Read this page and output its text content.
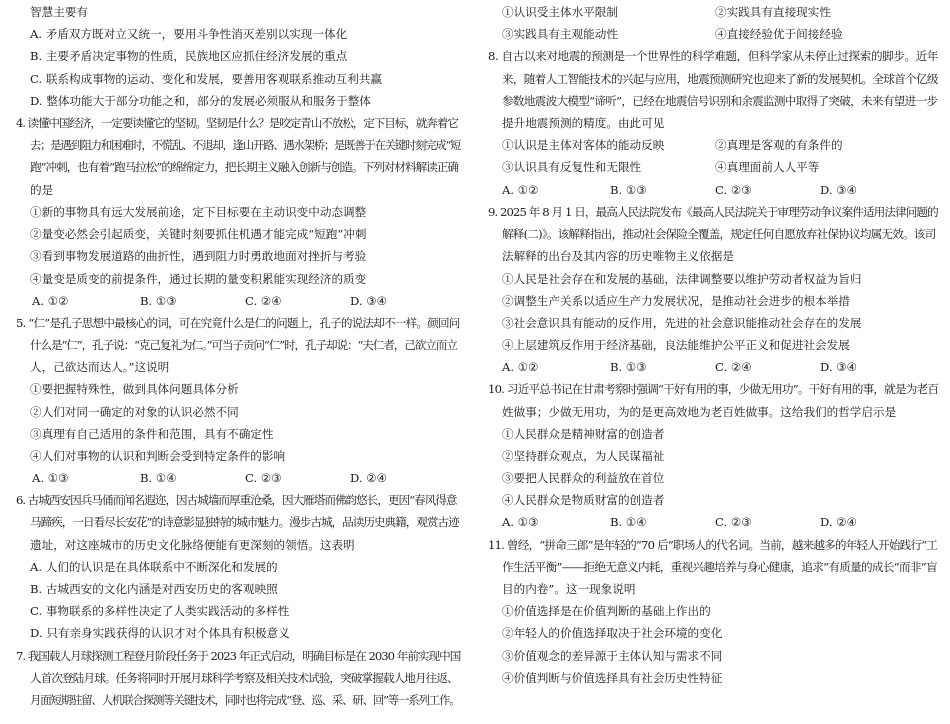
智慧主要有
A. 矛盾双方既对立又统一，要用斗争性消灭差别以实现一体化
B. 主要矛盾决定事物的性质，民族地区应抓住经济发展的重点
C. 联系构成事物的运动、变化和发展，要善用客观联系推动互利共赢
D. 整体功能大于部分功能之和，部分的发展必须服从和服务于整体
4. 读懂中国经济，一定要读懂它的坚韧。坚韧是什么？是咬定青山不放松，定下目标，就奔着它
去；是遇到阻力和困难时，不慌乱、不退却，逢山开路、遇水架桥；是既善于在关键时刻完成“短
跑”冲刺，也有着“跑马拉松”的绵绵定力，把长期主义融入创新与创造。下列对材料解读正确
的是
①新的事物具有远大发展前途，定下目标要在主动识变中动态调整
②量变必然会引起质变，关键时刻要抓住机遇才能完成“短跑”冲刺
③看到事物发展道路的曲折性，遇到阻力时勇敢地面对挫折与考验
④量变是质变的前提条件，通过长期的量变积累能实现经济的质变
A. ①②	B. ①③	C. ②④	D. ③④
5. “仁”是孔子思想中最核心的词，可在究竟什么是仁的问题上，孔子的说法却不一样。颜回问
什么是“仁”，孔子说：“克己复礼为仁。”可当子贡问“仁”时，孔子却说：“夫仁者，己欲立而立
人，己欲达而达人。”这说明
①要把握特殊性，做到具体问题具体分析
②人们对同一确定的对象的认识必然不同
③真理有自己适用的条件和范围，具有不确定性
④人们对事物的认识和判断会受到特定条件的影响
A. ①③	B. ①④	C. ②③	D. ②④
6. 古城西安因兵马俑而闻名遐迩，因古城墙而厚重沧桑，因大雁塔而佛韵悠长，更因“春风得意
马蹄疾，一日看尽长安花”的诗意影显独特的城市魅力。漫步古城，品读历史典籍，观赏古迹
遗址，对这座城市的历史文化脉络便能有更深刻的领悟。这表明
A. 人们的认识是在具体联系中不断深化和发展的
B. 古城西安的文化内涵是对西安历史的客观映照
C. 事物联系的多样性决定了人类实践活动的多样性
D. 只有亲身实践获得的认识才对个体具有积极意义
7. 我国载人月球探测工程登月阶段任务于 2023 年正式启动，明确目标是在 2030 年前实现中国
人首次登陆月球。任务将同时开展月球科学考察及相关技术试验，突破掌握载人地月往返、
月面短期驻留、人机联合探测等关键技术，同时也将完成“登、巡、采、研、回”等一系列工作。
①认识受主体水平限制	②实践具有直接现实性
③实践具有主观能动性	④直接经验优于间接经验
8. 自古以来对地震的预测是一个世界性的科学难题，但科学家从未停止过探索的脚步。近年
来，随着人工智能技术的兴起与应用，地震预测研究也迎来了新的发展契机。全球首个亿级
参数地震波大模型“谛听”，已经在地震信号识别和余震监测中取得了突破，未来有望进一步
提升地震预测的精度。由此可见
①认识是主体对客体的能动反映	②真理是客观的有条件的
③认识具有反复性和无限性	④真理面前人人平等
A. ①②	B. ①③	C. ②③	D. ③④
9. 2025 年 8 月 1 日，最高人民法院发布《最高人民法院关于审理劳动争议案件适用法律问题的
解释(二)》。该解释指出，推动社会保险全覆盖，规定任何自愿放弃社保协议均属无效。该司
法解释的出台及其内容的历史唯物主义依据是
①人民是社会存在和发展的基础，法律调整要以维护劳动者权益为旨归
②调整生产关系以适应生产力发展状况，是推动社会进步的根本举措
③社会意识具有能动的反作用，先进的社会意识能推动社会存在的发展
④上层建筑反作用于经济基础，良法能维护公平正义和促进社会发展
A. ①②	B. ①③	C. ②④	D. ③④
10. 习近平总书记在甘肃考察时强调“干好有用的事，少做无用功”。干好有用的事，就是为老百
姓做事；少做无用功，为的是更高效地为老百姓做事。这给我们的哲学启示是
①人民群众是精神财富的创造者
②坚持群众观点，为人民谋福祉
③要把人民群众的利益放在首位
④人民群众是物质财富的创造者
A. ①③	B. ①④	C. ②③	D. ②④
11. 曾经，“拼命三郎”是年轻的“70 后”职场人的代名词。当前，越来越多的年轻人开始践行“工
作生活平衡”——拒绝无意义内耗，重视兴趣培养与身心健康，追求“有质量的成长”而非“盲
目的内卷”。这一现象说明
①价值选择是在价值判断的基础上作出的
②年轻人的价值选择取决于社会环境的变化
③价值观念的差异源于主体认知与需求不同
④价值判断与价值选择具有社会历史性特征
